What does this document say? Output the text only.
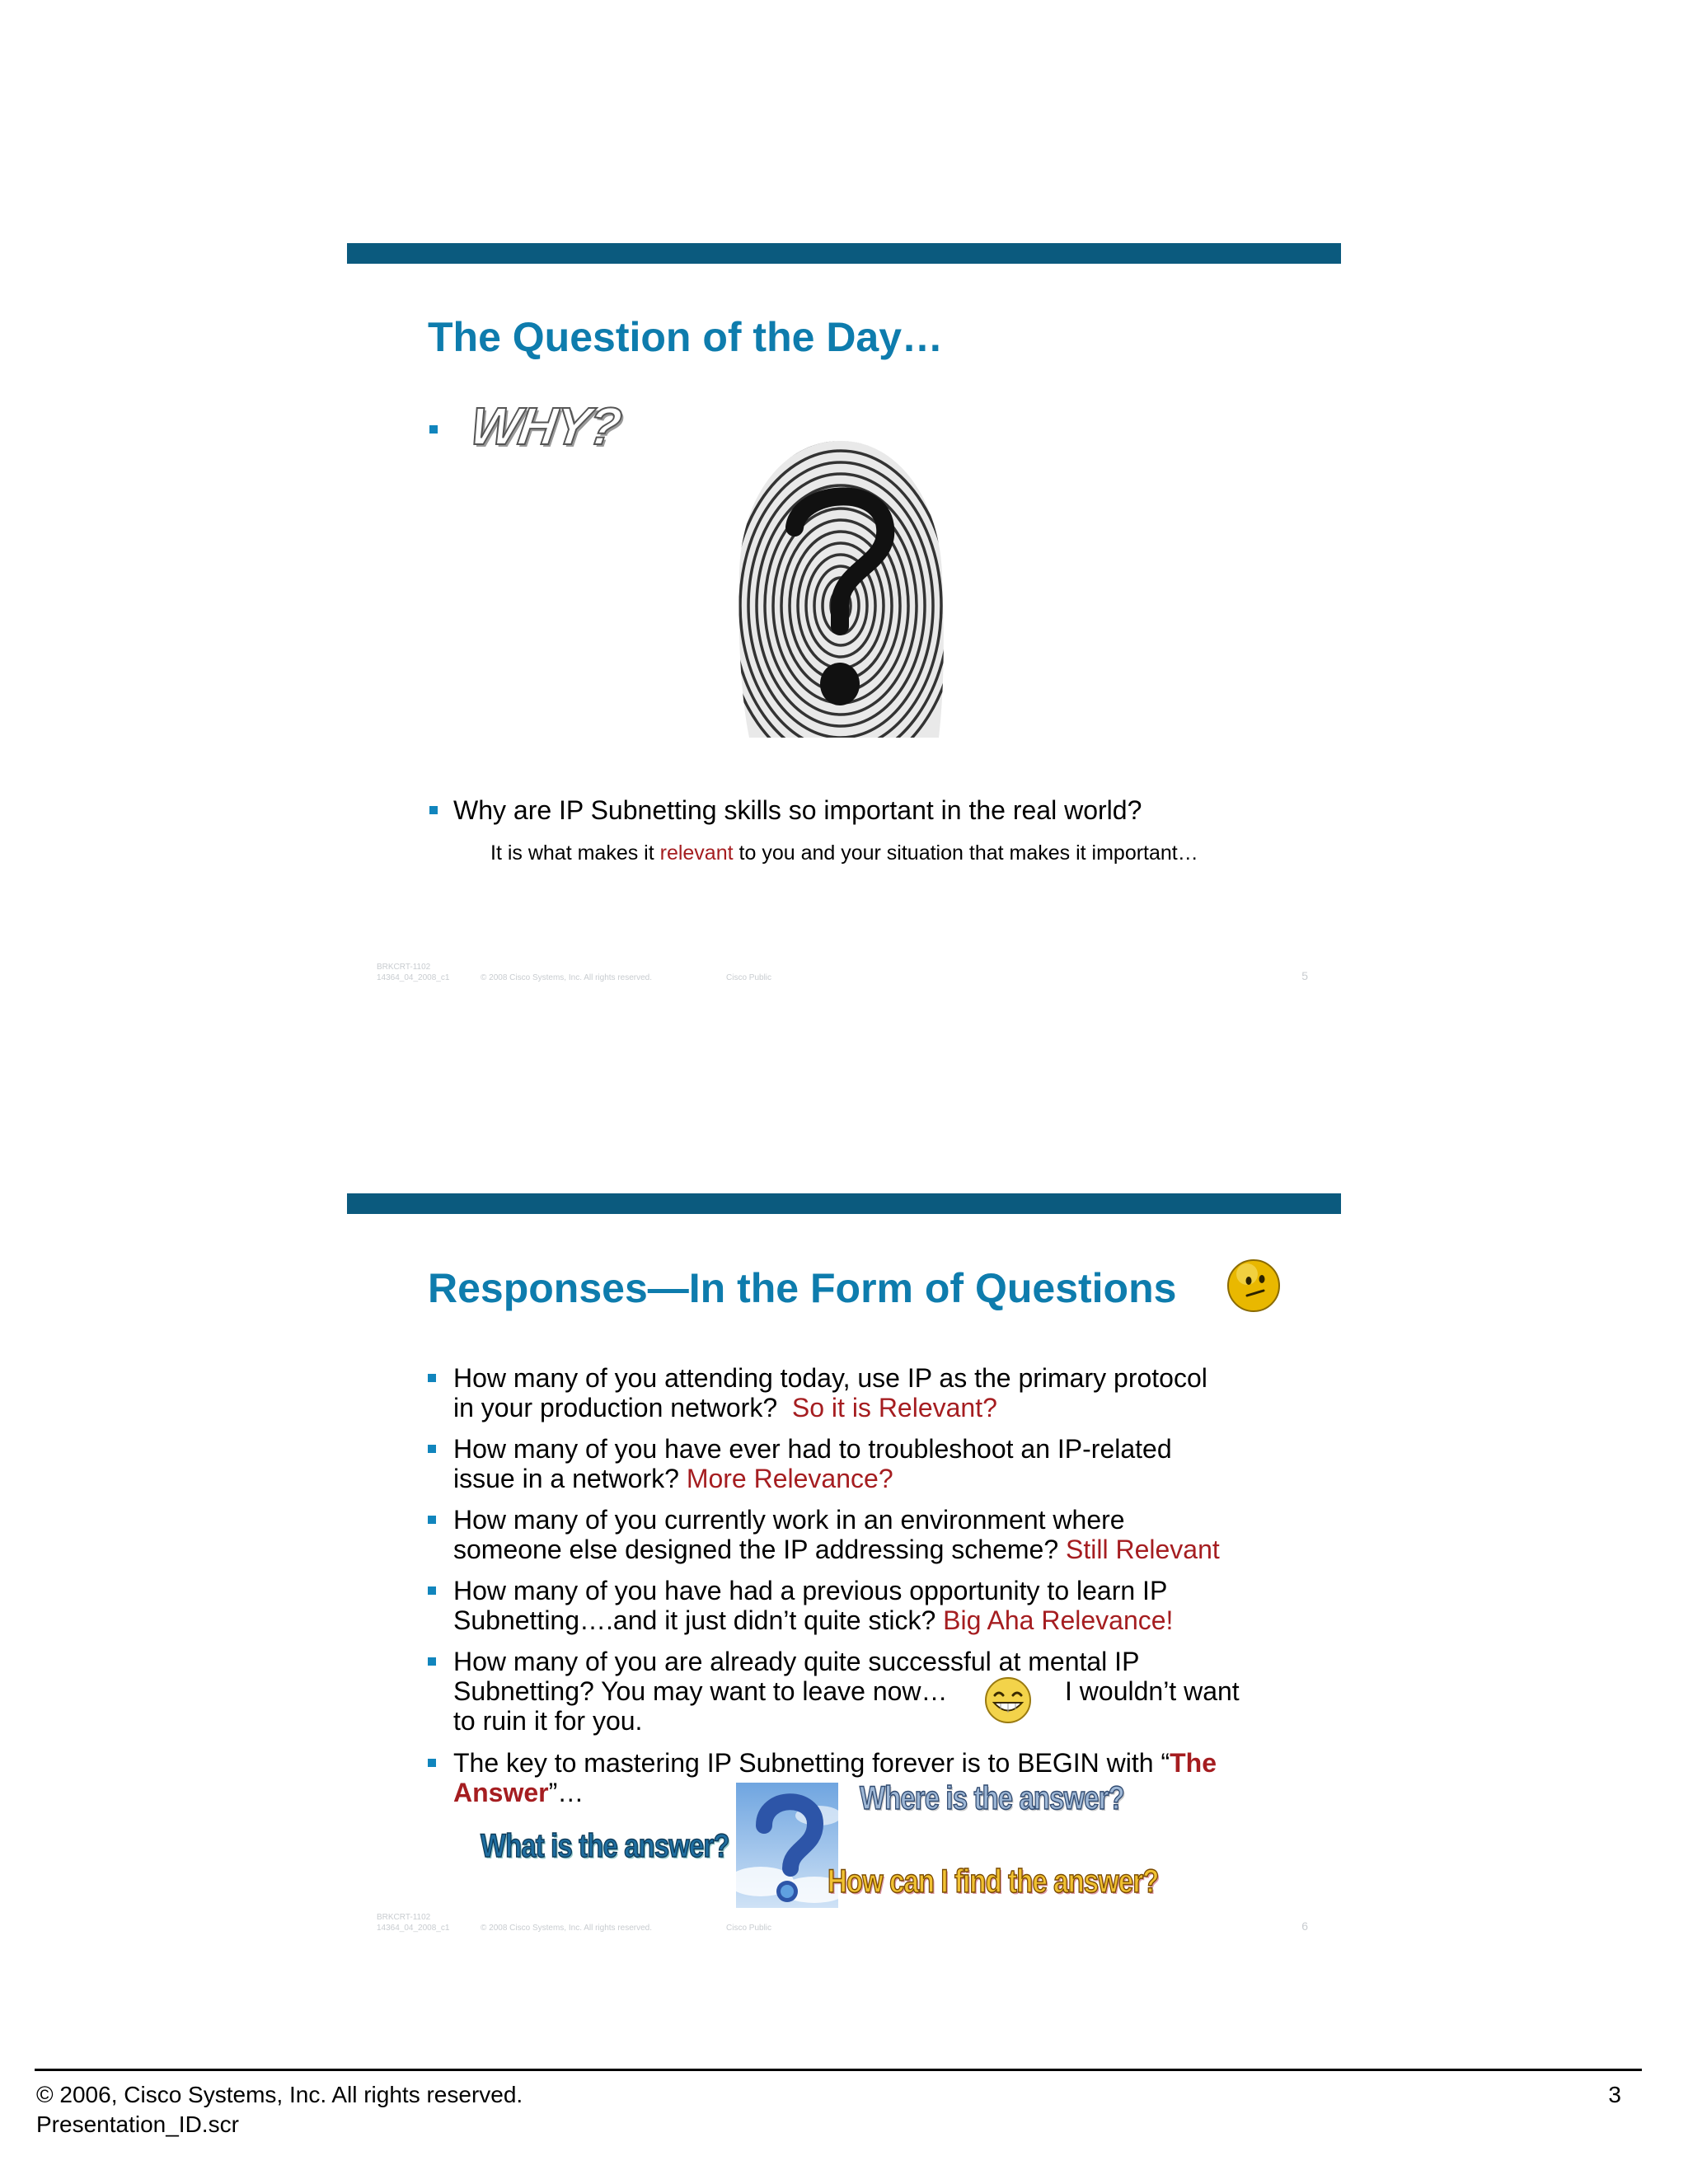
The Question of the Day…
WHY?
Why are IP Subnetting skills so important in the real world?
It is what makes it relevant to you and your situation that makes it important…
BRKCRT-1102
14364_04_2008_c1	© 2008 Cisco Systems, Inc. All rights reserved.	Cisco Public	5
Responses—In the Form of Questions
How many of you attending today, use IP as the primary protocol
in your production network?  So it is Relevant?
How many of you have ever had to troubleshoot an IP-related
issue in a network? More Relevance?
How many of you currently work in an environment where
someone else designed the IP addressing scheme? Still Relevant
How many of you have had a previous opportunity to learn IP
Subnetting….and it just didn’t quite stick? Big Aha Relevance!
How many of you are already quite successful at mental IP
Subnetting? You may want to leave now…	I wouldn’t want
to ruin it for you.
The key to mastering IP Subnetting forever is to BEGIN with “The
Answer”…	Where is the answer?
What is the answer?
How can I find the answer?
BRKCRT-1102
14364_04_2008_c1	© 2008 Cisco Systems, Inc. All rights reserved.	Cisco Public	6
© 2006, Cisco Systems, Inc. All rights reserved.
Presentation_ID.scr
3
